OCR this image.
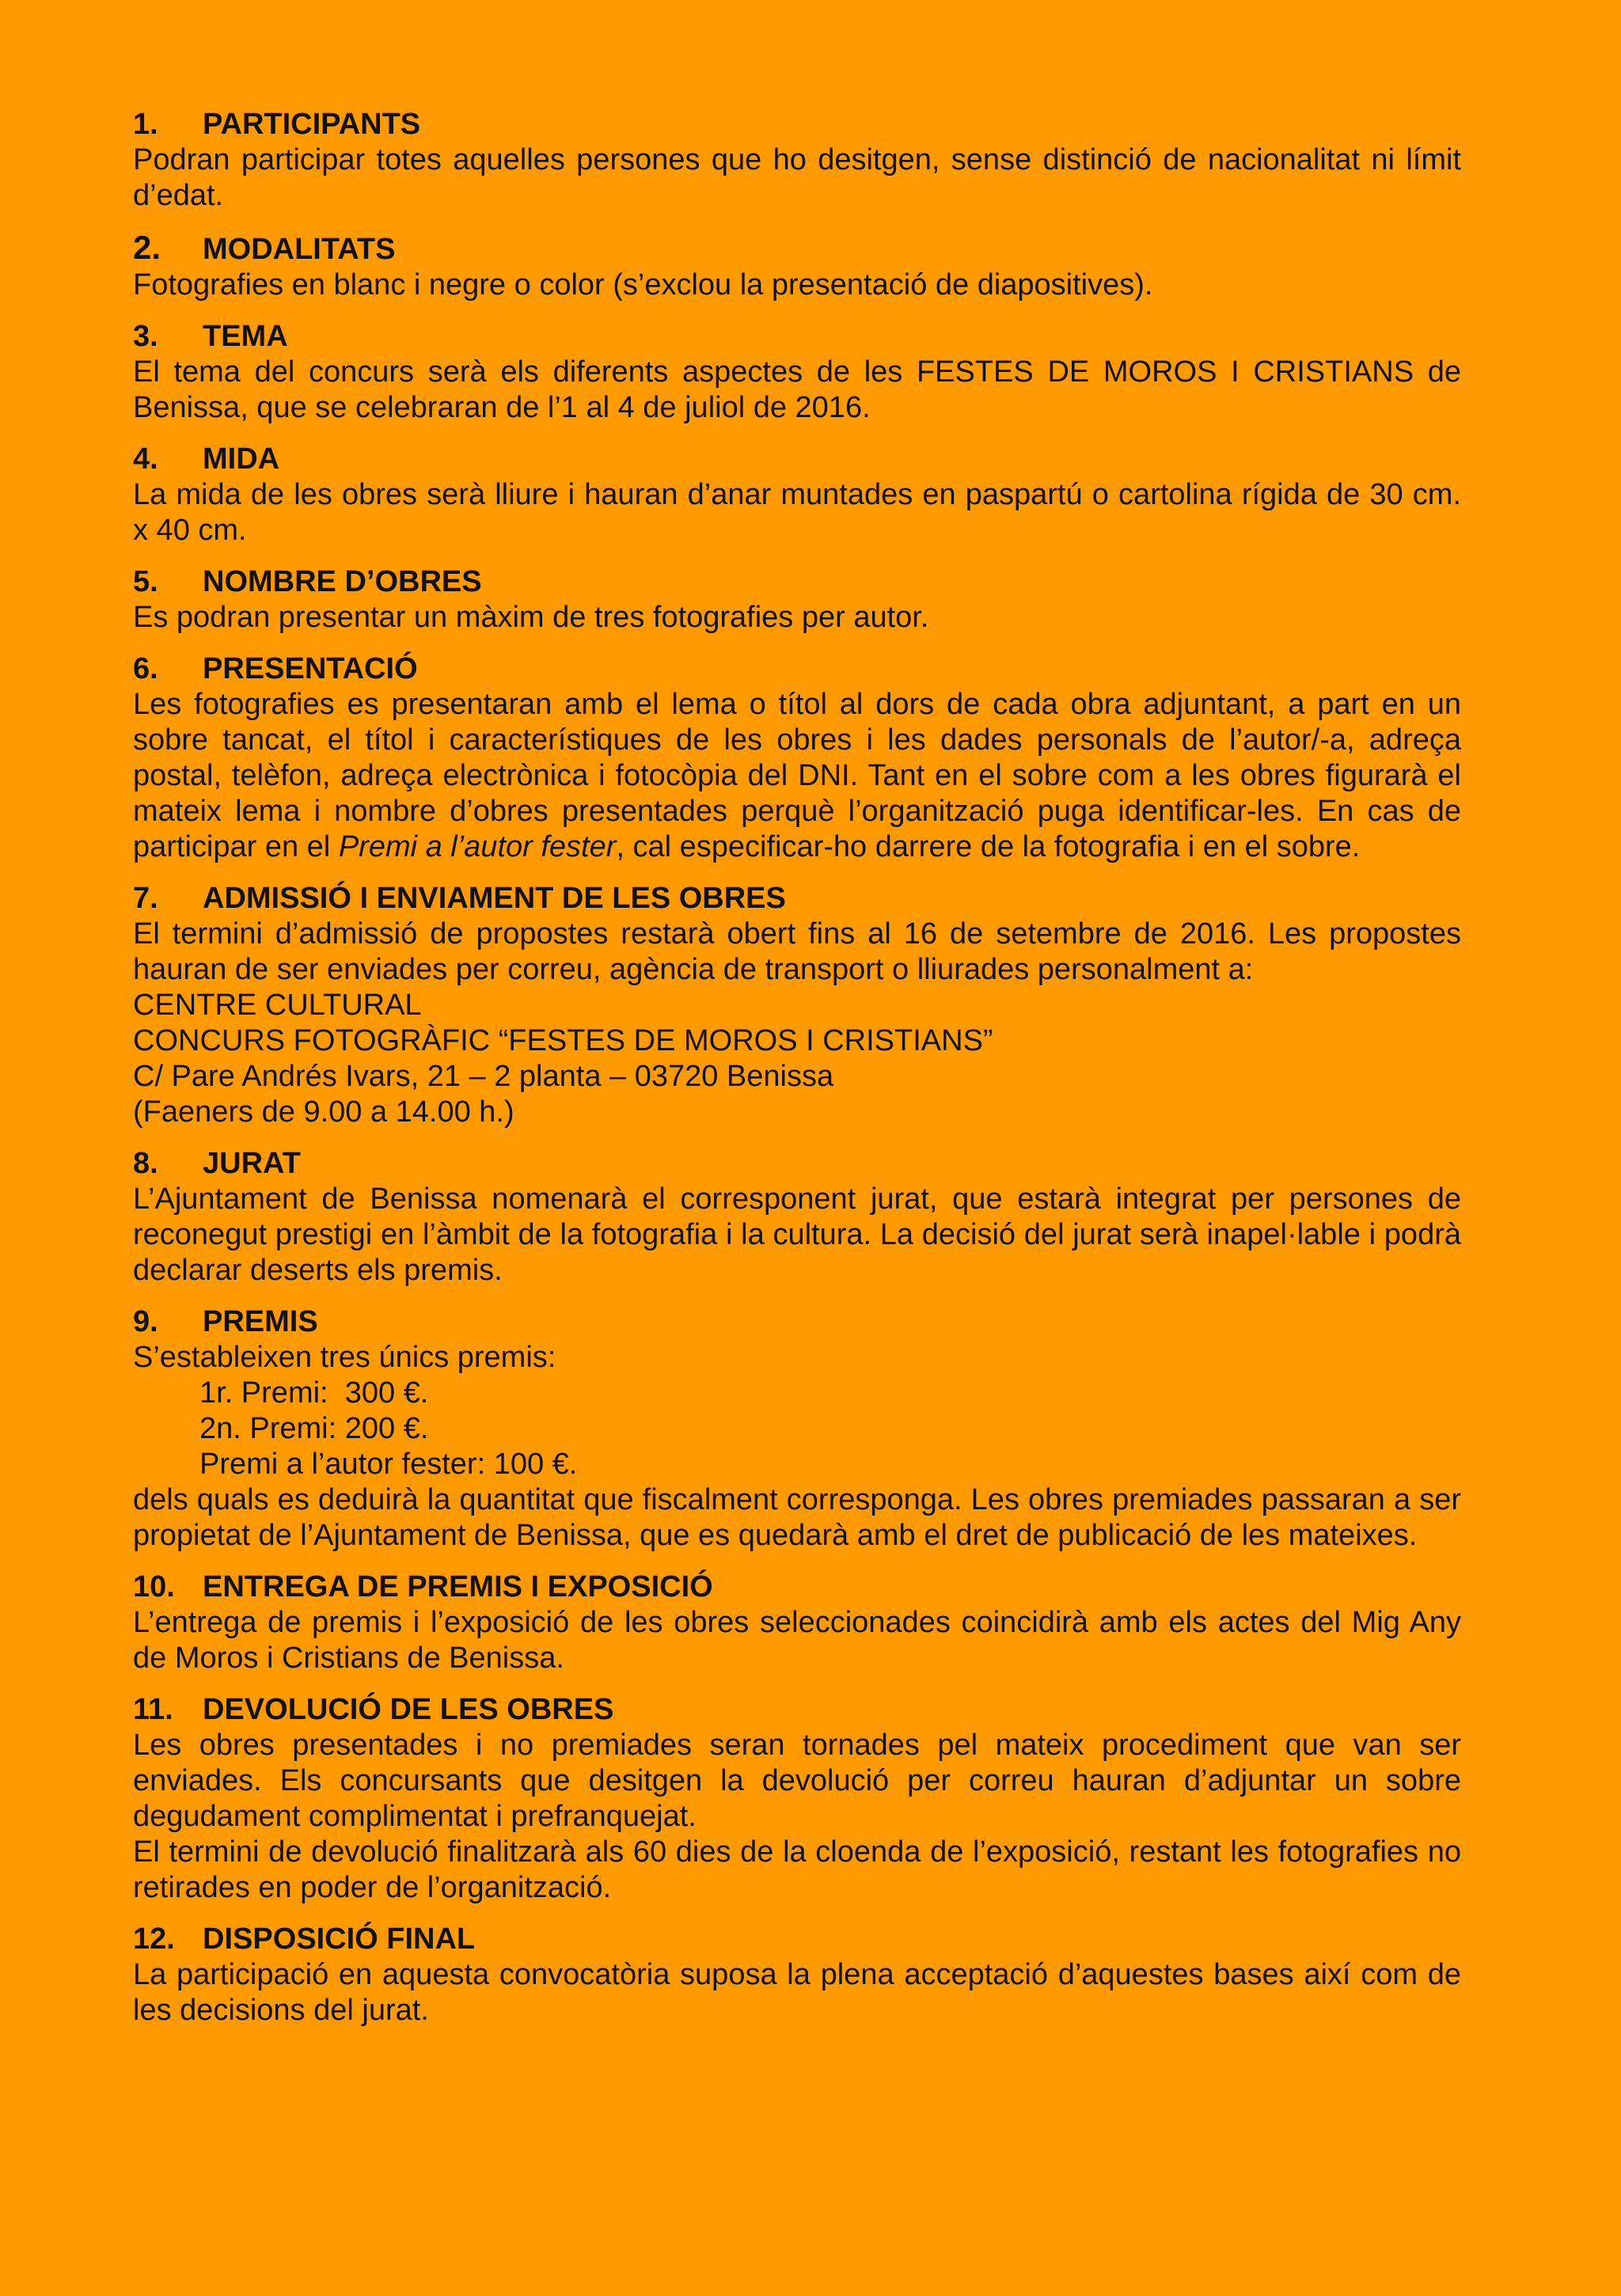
1.	PARTICIPANTS

Podran participar totes aquelles persones que ho desitgen, sense distinció de nacionalitat ni límit d’edat.

2.	MODALITATS

Fotografies en blanc i negre o color (s’exclou la presentació de diapositives).

3.	TEMA

El tema del concurs serà els diferents aspectes de les FESTES DE MOROS I CRISTIANS de Benissa, que se celebraran de l’1 al 4 de juliol de 2016.

4.	MIDA

La mida de les obres serà lliure i hauran d’anar muntades en paspartú o cartolina rígida de 30 cm. x 40 cm.

5.	NOMBRE D’OBRES

Es podran presentar un màxim de tres fotografies per autor.

6.	PRESENTACIÓ

Les fotografies es presentaran amb el lema o títol al dors de cada obra adjuntant, a part en un sobre tancat, el títol i característiques de les obres i les dades personals de l’autor/-a, adreça postal, telèfon, adreça electrònica i fotocòpia del DNI. Tant en el sobre com a les obres figurarà el mateix lema i nombre d’obres presentades perquè l’organització puga identificar-les. En cas de participar en el Premi a l’autor fester, cal especificar-ho darrere de la fotografia i en el sobre.

7.	ADMISSIÓ I ENVIAMENT DE LES OBRES

El termini d’admissió de propostes restarà obert fins al 16 de setembre de 2016. Les propostes hauran de ser enviades per correu, agència de transport o lliurades personalment a:

CENTRE CULTURAL

CONCURS FOTOGRÀFIC “FESTES DE MOROS I CRISTIANS”

C/ Pare Andrés Ivars, 21 – 2 planta – 03720 Benissa

(Faeners de 9.00 a 14.00 h.)

8.	JURAT

L’Ajuntament de Benissa nomenarà el corresponent jurat, que estarà integrat per persones de reconegut prestigi en l’àmbit de la fotografia i la cultura. La decisió del jurat serà inapel·lable i podrà declarar deserts els premis.

9.	PREMIS

S’estableixen tres únics premis:

1r. Premi:  300 €.

2n. Premi: 200 €.

Premi a l’autor fester: 100 €.

dels quals es deduirà la quantitat que fiscalment corresponga. Les obres premiades passaran a ser propietat de l’Ajuntament de Benissa, que es quedarà amb el dret de publicació de les mateixes.

10. ENTREGA DE PREMIS I EXPOSICIÓ

L’entrega de premis i l’exposició de les obres seleccionades coincidirà amb els actes del Mig Any de Moros i Cristians de Benissa.

11. DEVOLUCIÓ DE LES OBRES

Les obres presentades i no premiades seran tornades pel mateix procediment que van ser enviades. Els concursants que desitgen la devolució per correu hauran d’adjuntar un sobre degudament complimentat i prefranquejat.

El termini de devolució finalitzarà als 60 dies de la cloenda de l’exposició, restant les fotografies no retirades en poder de l’organització.

12. DISPOSICIÓ FINAL

La participació en aquesta convocatòria suposa la plena acceptació d’aquestes bases així com de les decisions del jurat.
